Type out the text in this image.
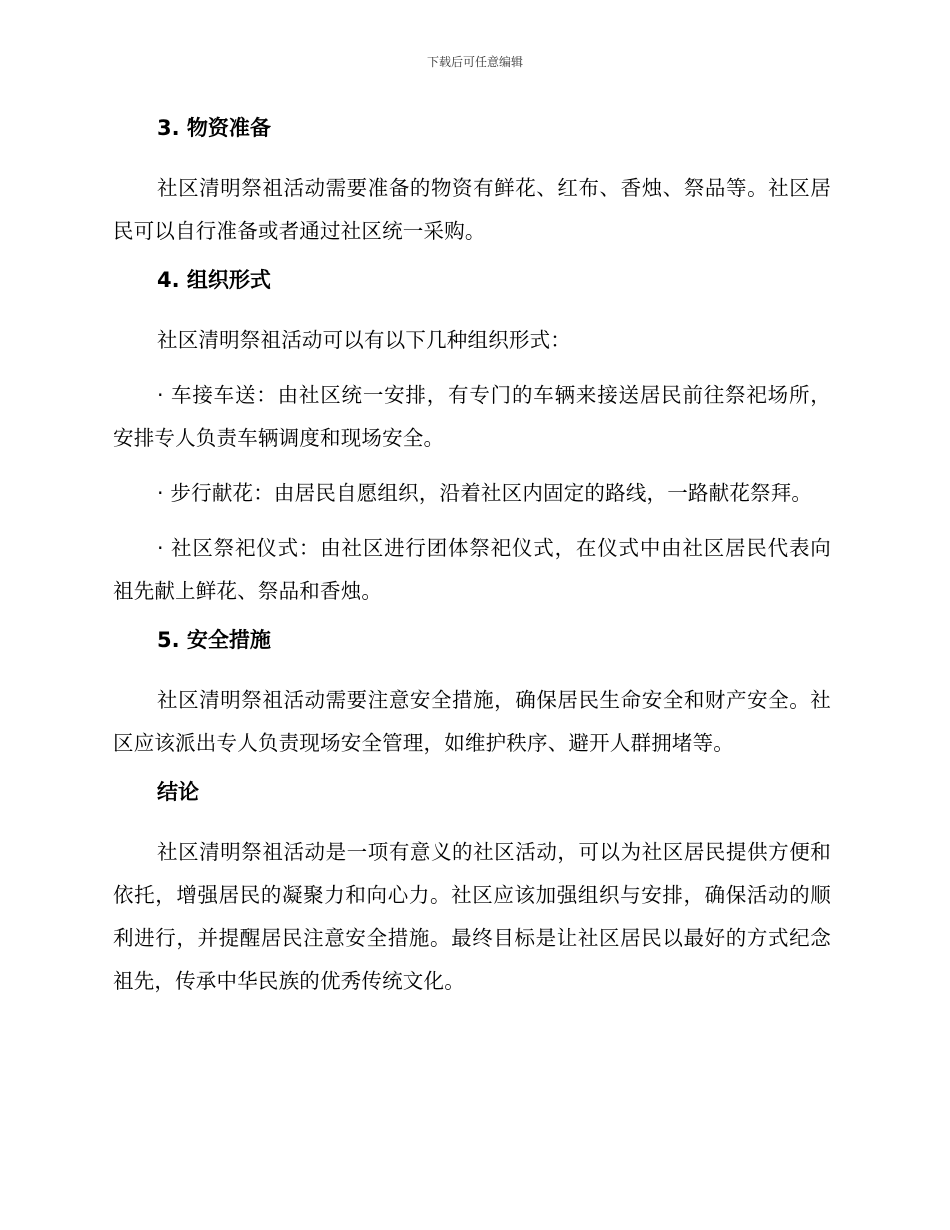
下载后可任意编辑
3. 物资准备
社区清明祭祖活动需要准备的物资有鲜花、红布、香烛、祭品等。社区居民可以自行准备或者通过社区统一采购。
4. 组织形式
社区清明祭祖活动可以有以下几种组织形式：
· 车接车送：由社区统一安排，有专门的车辆来接送居民前往祭祀场所，安排专人负责车辆调度和现场安全。
· 步行献花：由居民自愿组织，沿着社区内固定的路线，一路献花祭拜。
· 社区祭祀仪式：由社区进行团体祭祀仪式，在仪式中由社区居民代表向祖先献上鲜花、祭品和香烛。
5. 安全措施
社区清明祭祖活动需要注意安全措施，确保居民生命安全和财产安全。社区应该派出专人负责现场安全管理，如维护秩序、避开人群拥堵等。
结论
社区清明祭祖活动是一项有意义的社区活动，可以为社区居民提供方便和依托，增强居民的凝聚力和向心力。社区应该加强组织与安排，确保活动的顺利进行，并提醒居民注意安全措施。最终目标是让社区居民以最好的方式纪念祖先，传承中华民族的优秀传统文化。
